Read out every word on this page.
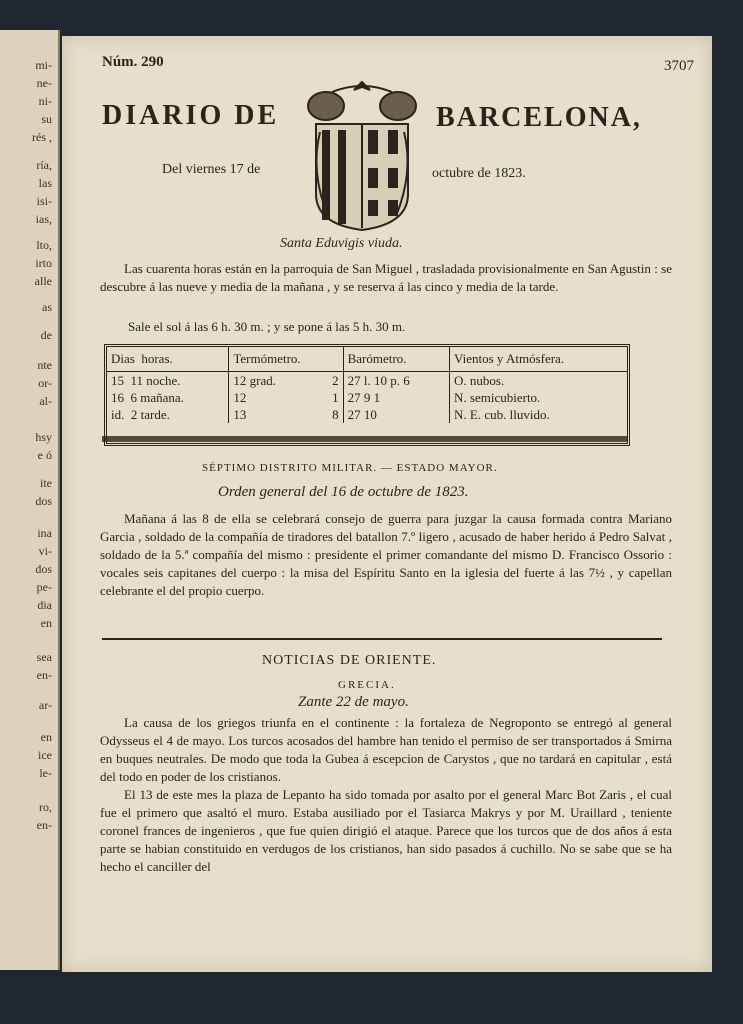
mi-
ne-
ni-
su
rés ,
ría,
las
isi-
ias,
lto,
irto
alle
as
de
nte
or-
al-
hsy
e ó
ite
dos
ina
vi-
dos
pe-
dia
en
sea
en-
ar-
en
ice
le-
ro,
en-
Núm. 290	3707
DIARIO DE	BARCELONA,
Del viernes 17 de	octubre de 1823.
Santa Eduvigis viuda.

Las cuarenta horas están en la parroquia de San Miguel , trasladada provisionalmente en San Agustin : se descubre á las nueve y media de la mañana , y se reserva á las cinco y media de la tarde.

Sale el sol á las 6 h. 30 m. ; y se pone á las 5 h. 30 m.
Dias horas.	Termómetro.		Barómetro.	Vientos y Atmósfera.
15 11 noche.	12 grad.	2	27 l. 10 p. 6	O. nubos.
16 6 mañana.	12	1	27 9 1	N. semicubierto.
id. 2 tarde.	13	8	27 10	N. E. cub. lluvido.
SÉPTIMO DISTRITO MILITAR. — ESTADO MAYOR.
Orden general del 16 de octubre de 1823.

Mañana á las 8 de ella se celebrará consejo de guerra para juzgar la causa formada contra Mariano Garcia , soldado de la compañía de tiradores del batallon 7.º ligero , acusado de haber herido á Pedro Salvat , soldado de la 5.ª compañía del mismo : presidente el primer comandante del mismo D. Francisco Ossorio : vocales seis capitanes del cuerpo : la misa del Espíritu Santo en la iglesia del fuerte á las 7½ , y capellan celebrante el del propio cuerpo.

NOTICIAS DE ORIENTE.
GRECIA.
Zante 22 de mayo.

La causa de los griegos triunfa en el continente : la fortaleza de Negroponto se entregó al general Odysseus el 4 de mayo. Los turcos acosados del hambre han tenido el permiso de ser transportados á Smirna en buques neutrales. De modo que toda la Gubea á escepcion de Carystos , que no tardará en capitular , está del todo en poder de los cristianos.

El 13 de este mes la plaza de Lepanto ha sido tomada por asalto por el general Marc Bot Zaris , el cual fue el primero que asaltó el muro. Estaba ausiliado por el Tasiarca Makrys y por M. Uraillard , teniente coronel frances de ingenieros , que fue quien dirigió el ataque. Parece que los turcos que de dos años á esta parte se habian constituido en verdugos de los cristianos, han sido pasados á cuchillo. No se sabe que se ha hecho el canciller del
